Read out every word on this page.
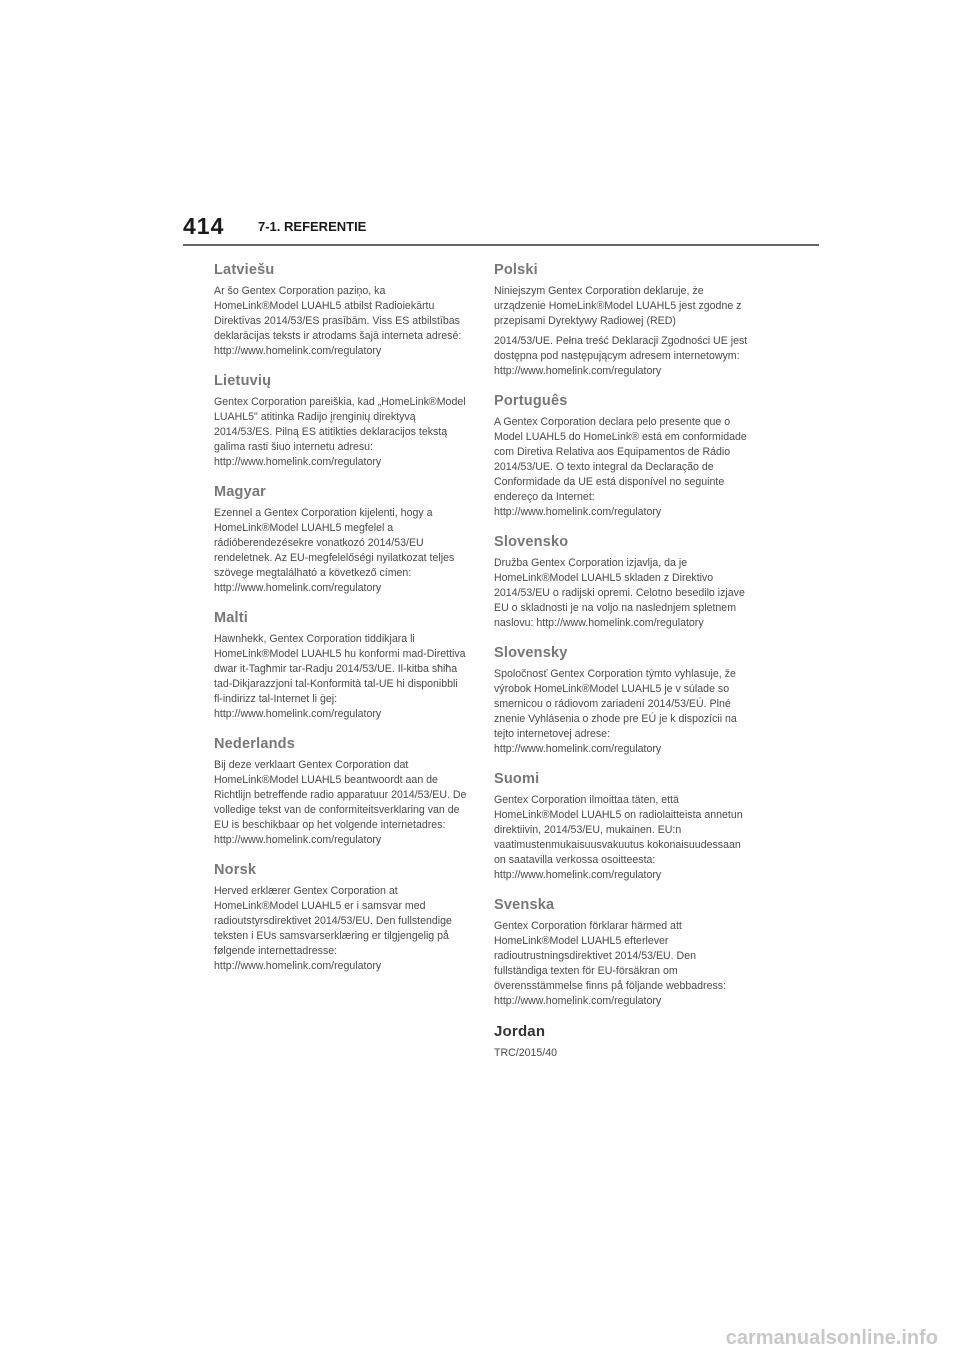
414	7-1. REFERENTIE
Latviešu

Ar šo Gentex Corporation paziņo, ka HomeLink®Model LUAHL5 atbilst Radioiekārtu Direktīvas 2014/53/ES prasībām. Viss ES atbilstības deklarācijas teksts ir atrodams šajā interneta adresē: http://www.homelink.com/regulatory

Lietuvių

Gentex Corporation pareiškia, kad „HomeLink®Model LUAHL5" atitinka Radijo įrenginių direktyvą 2014/53/ES. Pilną ES atitikties deklaracijos tekstą galima rasti šiuo internetu adresu: http://www.homelink.com/regulatory

Magyar

Ezennel a Gentex Corporation kijelenti, hogy a HomeLink®Model LUAHL5 megfelel a rádióberendezésekre vonatkozó 2014/53/EU rendeletnek. Az EU-megfelelőségi nyilatkozat teljes szövege megtalálható a következő címen: http://www.homelink.com/regulatory

Malti

Hawnhekk, Gentex Corporation tiddikjara li HomeLink®Model LUAHL5 hu konformi mad-Direttiva dwar it-Tagħmir tar-Radju 2014/53/UE. Il-kitba sħiħa tad-Dikjarazzjoni tal-Konformità tal-UE hi disponibbli fl-indirizz tal-Internet li ġej: http://www.homelink.com/regulatory

Nederlands

Bij deze verklaart Gentex Corporation dat HomeLink®Model LUAHL5 beantwoordt aan de Richtlijn betreffende radio apparatuur 2014/53/EU. De volledige tekst van de conformiteitsverklaring van de EU is beschikbaar op het volgende internetadres: http://www.homelink.com/regulatory

Norsk

Herved erklærer Gentex Corporation at HomeLink®Model LUAHL5 er i samsvar med radioutstyrsdirektivet 2014/53/EU. Den fullstendige teksten i EUs samsvarserklæring er tilgjengelig på følgende internettadresse: http://www.homelink.com/regulatory

Polski

Niniejszym Gentex Corporation deklaruje, że urządzenie HomeLink®Model LUAHL5 jest zgodne z przepisami Dyrektywy Radiowej (RED)

2014/53/UE. Pełna treść Deklaracji Zgodności UE jest dostępna pod następującym adresem internetowym: http://www.homelink.com/regulatory

Português

A Gentex Corporation declara pelo presente que o Model LUAHL5 do HomeLink® está em conformidade com Diretiva Relativa aos Equipamentos de Rádio 2014/53/UE. O texto integral da Declaração de Conformidade da UE está disponível no seguinte endereço da Internet: http://www.homelink.com/regulatory

Slovensko

Družba Gentex Corporation izjavlja, da je HomeLink®Model LUAHL5 skladen z Direktivo 2014/53/EU o radijski opremi. Celotno besedilo izjave EU o skladnosti je na voljo na naslednjem spletnem naslovu: http://www.homelink.com/regulatory

Slovensky

Spoločnosť Gentex Corporation týmto vyhlasuje, že výrobok HomeLink®Model LUAHL5 je v súlade so smernicou o rádiovom zariadení 2014/53/EÚ. Plné znenie Vyhlásenia o zhode pre EÚ je k dispozícii na tejto internetovej adrese: http://www.homelink.com/regulatory

Suomi

Gentex Corporation ilmoittaa täten, että HomeLink®Model LUAHL5 on radiolaitteista annetun direktiivin, 2014/53/EU, mukainen. EU:n vaatimustenmukaisuusvakuutus kokonaisuudessaan on saatavilla verkossa osoitteesta: http://www.homelink.com/regulatory

Svenska

Gentex Corporation förklarar härmed att HomeLink®Model LUAHL5 efterlever radioutrustningsdirektivet 2014/53/EU. Den fullständiga texten för EU-försäkran om överensstämmelse finns på följande webbadress: http://www.homelink.com/regulatory

Jordan

TRC/2015/40

carmanualsonline.info
